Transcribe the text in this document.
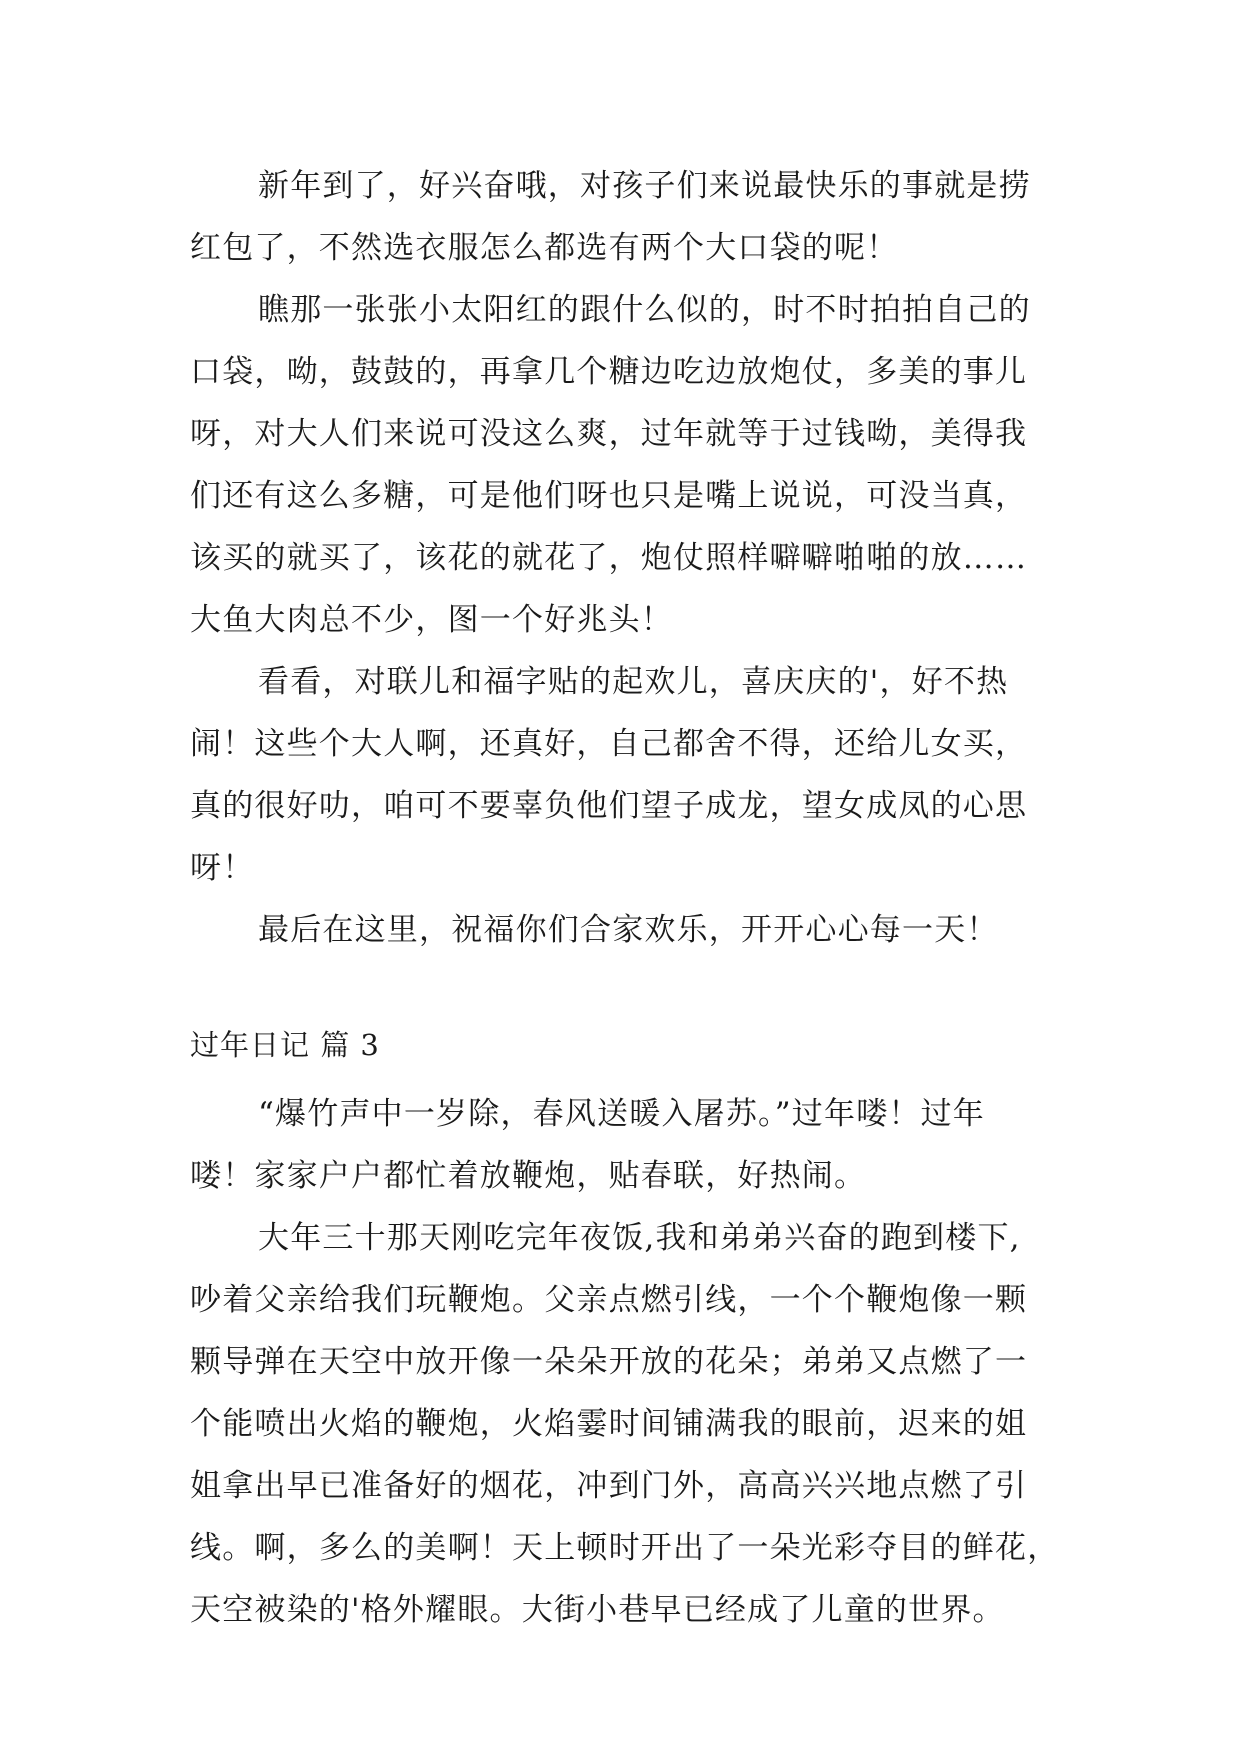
新年到了，好兴奋哦，对孩子们来说最快乐的事就是捞
红包了，不然选衣服怎么都选有两个大口袋的呢！
瞧那一张张小太阳红的跟什么似的，时不时拍拍自己的
口袋，呦，鼓鼓的，再拿几个糖边吃边放炮仗，多美的事儿
呀，对大人们来说可没这么爽，过年就等于过钱呦，美得我
们还有这么多糖，可是他们呀也只是嘴上说说，可没当真，
该买的就买了，该花的就花了，炮仗照样噼噼啪啪的放……
大鱼大肉总不少，图一个好兆头！
看看，对联儿和福字贴的起欢儿，喜庆庆的'，好不热
闹！这些个大人啊，还真好，自己都舍不得，还给儿女买，
真的很好叻，咱可不要辜负他们望子成龙，望女成凤的心思
呀！
最后在这里，祝福你们合家欢乐，开开心心每一天！
过年日记 篇 3
“爆竹声中一岁除，春风送暖入屠苏。”过年喽！过年
喽！家家户户都忙着放鞭炮，贴春联，好热闹。
大年三十那天刚吃完年夜饭,我和弟弟兴奋的跑到楼下,
吵着父亲给我们玩鞭炮。父亲点燃引线，一个个鞭炮像一颗
颗导弹在天空中放开像一朵朵开放的花朵；弟弟又点燃了一
个能喷出火焰的鞭炮，火焰霎时间铺满我的眼前，迟来的姐
姐拿出早已准备好的烟花，冲到门外，高高兴兴地点燃了引
线。啊，多么的美啊！天上顿时开出了一朵光彩夺目的鲜花，
天空被染的'格外耀眼。大街小巷早已经成了儿童的世界。
